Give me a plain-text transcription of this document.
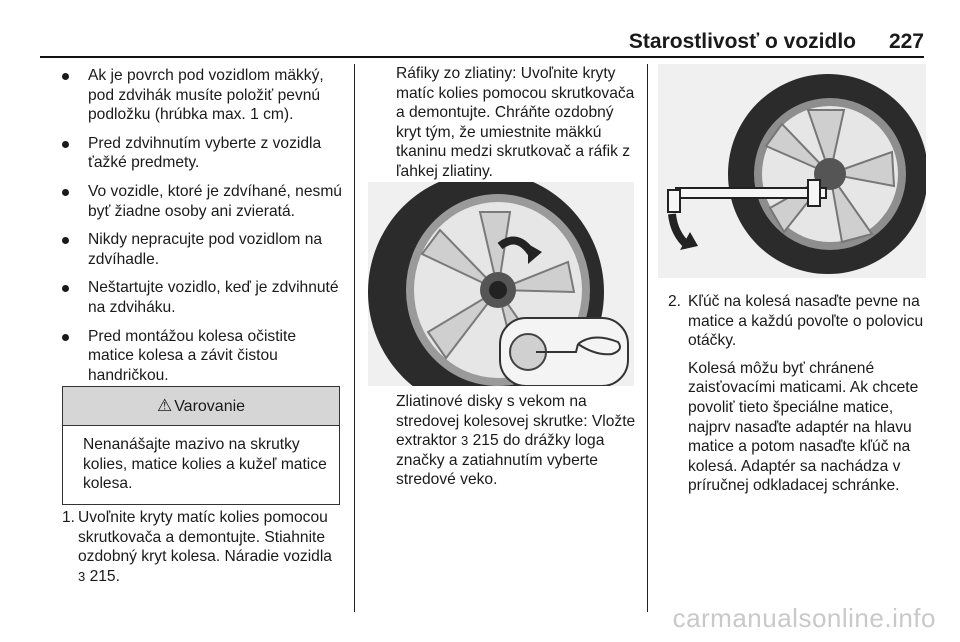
Starostlivosť o vozidlo 227
Ak je povrch pod vozidlom mäkký, pod zdvihák musíte položiť pevnú podložku (hrúbka max. 1 cm).
Pred zdvihnutím vyberte z vozidla ťažké predmety.
Vo vozidle, ktoré je zdvíhané, nesmú byť žiadne osoby ani zvieratá.
Nikdy nepracujte pod vozidlom na zdvíhadle.
Neštartujte vozidlo, keď je zdvihnuté na zdviháku.
Pred montážou kolesa očistite matice kolesa a závit čistou handričkou.
⚠ Varovanie
Nenanášajte mazivo na skrutky kolies, matice kolies a kužeľ matice kolesa.
1. Uvoľnite kryty matíc kolies pomocou skrutkovača a demontujte. Stiahnite ozdobný kryt kolesa. Náradie vozidla
3 215.

Ráfiky zo zliatiny: Uvoľnite kryty matíc kolies pomocou skrutkovača a demontujte. Chráňte ozdobný kryt tým, že umiestnite mäkkú tkaninu medzi skrutkovač a ráfik z ľahkej zliatiny.

Zliatinové disky s vekom na stredovej kolesovej skrutke: Vložte extraktor 3 215 do drážky loga značky a zatiahnutím vyberte stredové veko.
2. Kľúč na kolesá nasaďte pevne na matice a každú povoľte o polovicu otáčky.

Kolesá môžu byť chránené zaisťovacími maticami. Ak chcete povoliť tieto špeciálne matice, najprv nasaďte adaptér na hlavu matice a potom nasaďte kľúč na kolesá. Adaptér sa nachádza v príručnej odkladacej schránke.

carmanualsonline.info
